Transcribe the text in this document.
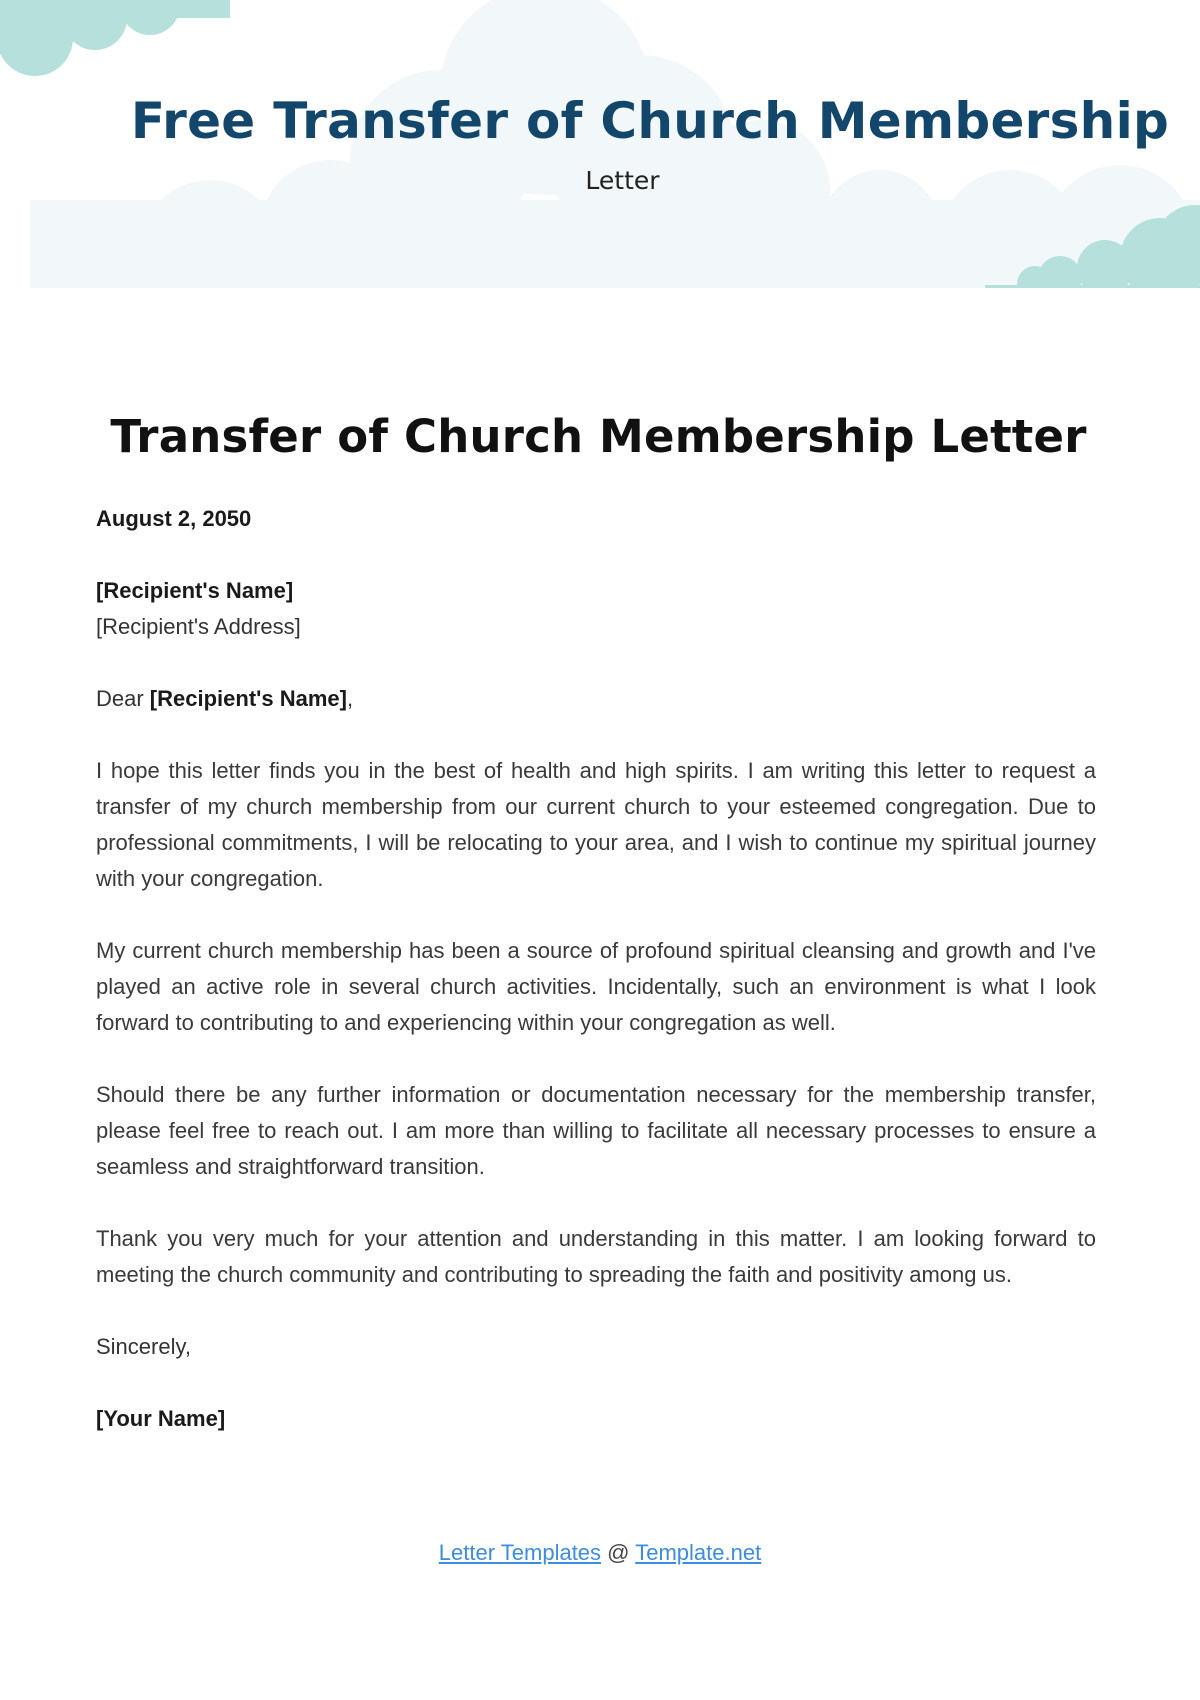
Free Transfer of Church Membership
Letter
Transfer of Church Membership Letter

August 2, 2050

[Recipient's Name]

[Recipient's Address]

Dear [Recipient's Name],

I hope this letter finds you in the best of health and high spirits. I am writing this letter to request a transfer of my church membership from our current church to your esteemed congregation. Due to professional commitments, I will be relocating to your area, and I wish to continue my spiritual journey with your congregation.

My current church membership has been a source of profound spiritual cleansing and growth and I've played an active role in several church activities. Incidentally, such an environment is what I look forward to contributing to and experiencing within your congregation as well.

Should there be any further information or documentation necessary for the membership transfer, please feel free to reach out. I am more than willing to facilitate all necessary processes to ensure a seamless and straightforward transition.

Thank you very much for your attention and understanding in this matter. I am looking forward to meeting the church community and contributing to spreading the faith and positivity among us.

Sincerely,

[Your Name]

Letter Templates @ Template.net
